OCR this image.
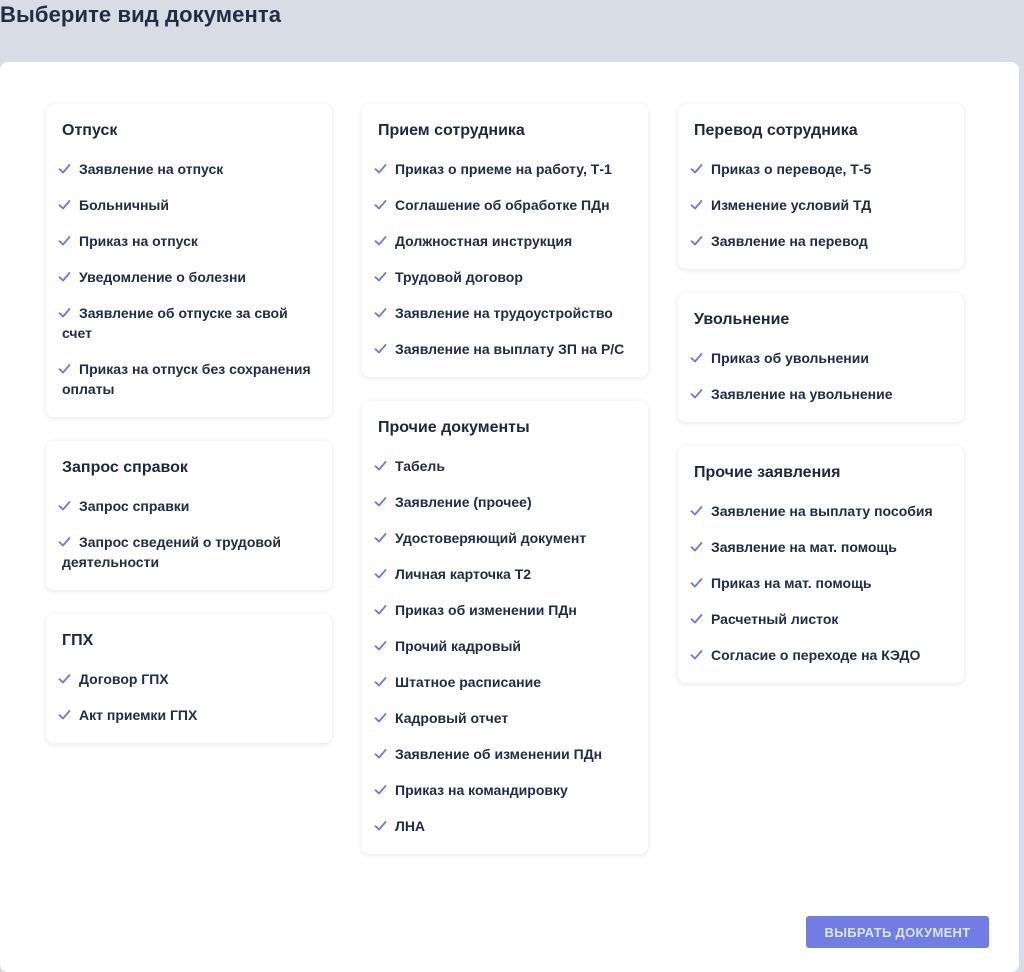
Выберите вид документа
Отпуск
Заявление на отпуск
Больничный
Приказ на отпуск
Уведомление о болезни
Заявление об отпуске за свой счет
Приказ на отпуск без сохранения оплаты
Запрос справок
Запрос справки
Запрос сведений о трудовой деятельности
ГПХ
Договор ГПХ
Акт приемки ГПХ
Прием сотрудника
Приказ о приеме на работу, Т-1
Соглашение об обработке ПДн
Должностная инструкция
Трудовой договор
Заявление на трудоустройство
Заявление на выплату ЗП на Р/С
Прочие документы
Табель
Заявление (прочее)
Удостоверяющий документ
Личная карточка Т2
Приказ об изменении ПДн
Прочий кадровый
Штатное расписание
Кадровый отчет
Заявление об изменении ПДн
Приказ на командировку
ЛНА
Перевод сотрудника
Приказ о переводе, Т-5
Изменение условий ТД
Заявление на перевод
Увольнение
Приказ об увольнении
Заявление на увольнение
Прочие заявления
Заявление на выплату пособия
Заявление на мат. помощь
Приказ на мат. помощь
Расчетный листок
Согласие о переходе на КЭДО
ВЫБРАТЬ ДОКУМЕНТ
